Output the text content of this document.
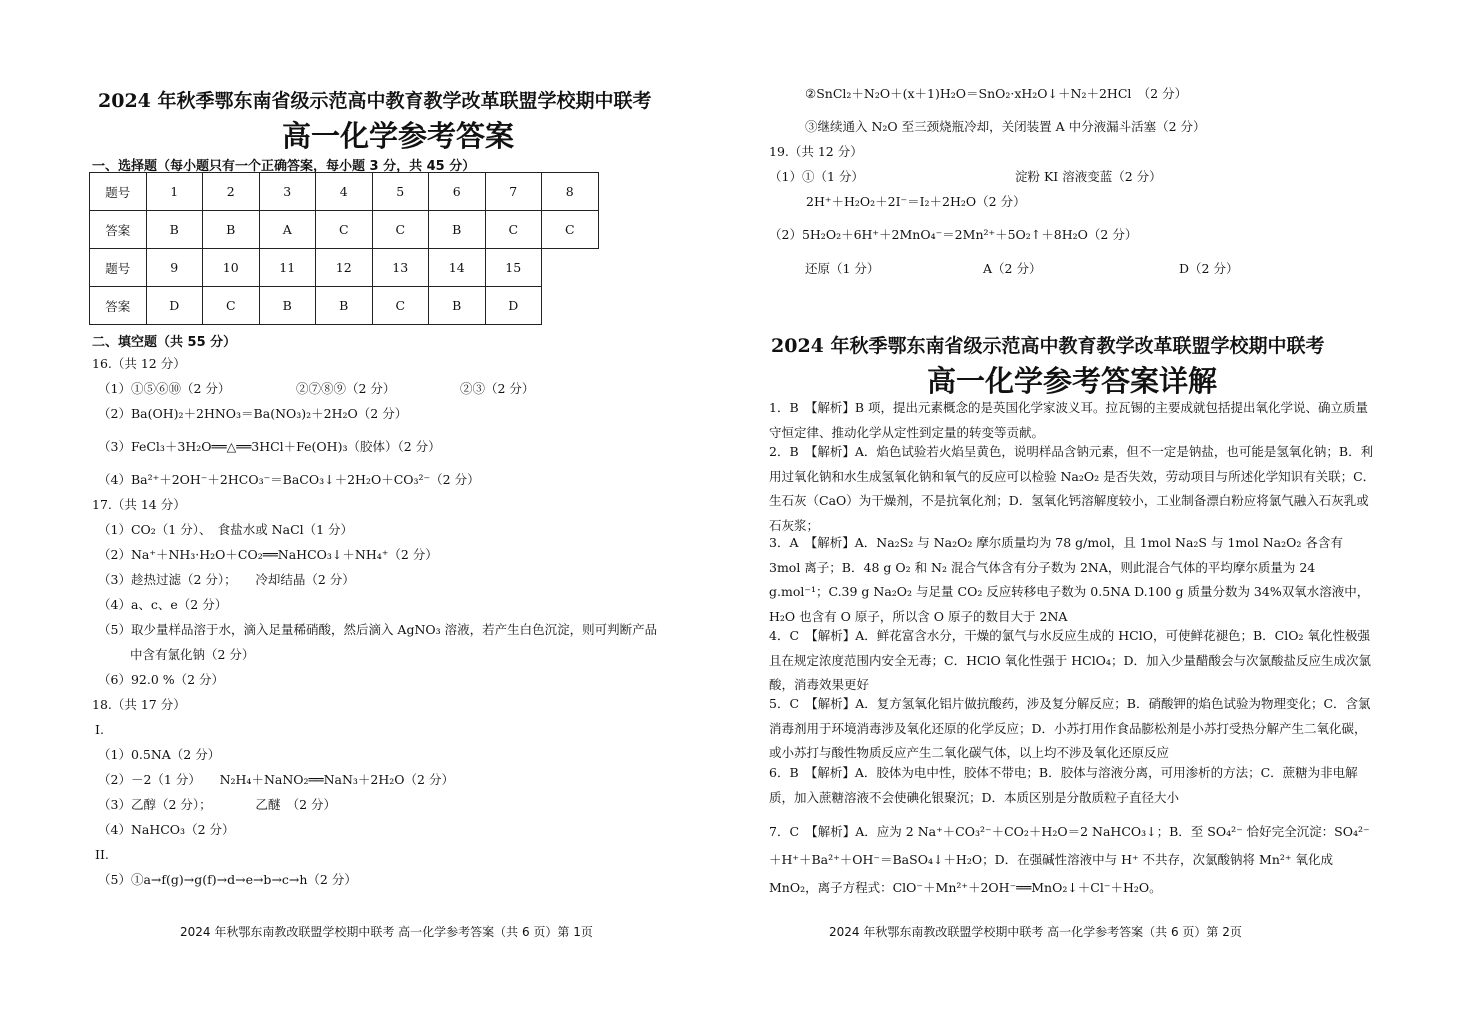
2024 年秋季鄂东南省级示范高中教育教学改革联盟学校期中联考
高一化学参考答案
一、选择题（每小题只有一个正确答案，每小题 3 分，共 45 分）
题号	1	2	3	4	5	6	7	8
答案	B	B	A	C	C	B	C	C
题号	9	10	11	12	13	14	15	
答案	D	C	B	B	C	B	D	
二、填空题（共 55 分）
16.（共 12 分）
（1）①⑤⑥⑩（2 分）	②⑦⑧⑨（2 分）	②③（2 分）
（2）Ba(OH)₂＋2HNO₃＝Ba(NO₃)₂＋2H₂O（2 分）
（3）FeCl₃＋3H₂O══△══3HCl＋Fe(OH)₃（胶体）（2 分）
（4）Ba²⁺＋2OH⁻＋2HCO₃⁻＝BaCO₃↓＋2H₂O＋CO₃²⁻（2 分）
17.（共 14 分）
（1）CO₂（1 分）、　食盐水或 NaCl（1 分）
（2）Na⁺＋NH₃·H₂O＋CO₂══NaHCO₃↓＋NH₄⁺（2 分）
（3）趁热过滤（2 分）；　　冷却结晶（2 分）
（4）a、c、e（2 分）
（5）取少量样品溶于水，滴入足量稀硝酸，然后滴入 AgNO₃ 溶液，若产生白色沉淀，则可判断产品
中含有氯化钠（2 分）
（6）92.0 %（2 分）
18.（共 17 分）
I.
（1）0.5NA（2 分）
（2）－2（1 分）　　N₂H₄＋NaNO₂══NaN₃＋2H₂O（2 分）
（3）乙醇（2 分）；　　　　乙醚　（2 分）
（4）NaHCO₃（2 分）
II.
（5）①a→f(g)→g(f)→d→e→b→c→h（2 分）
2024 年秋鄂东南教改联盟学校期中联考 高一化学参考答案（共 6 页）第 1页
②SnCl₂＋N₂O＋(x＋1)H₂O＝SnO₂·xH₂O↓＋N₂＋2HCl　（2 分）
③继续通入 N₂O 至三颈烧瓶冷却，关闭装置 A 中分液漏斗活塞（2 分）
19.（共 12 分）
（1）①（1 分）	淀粉 KI 溶液变蓝（2 分）
2H⁺＋H₂O₂＋2I⁻＝I₂＋2H₂O（2 分）
（2）5H₂O₂＋6H⁺＋2MnO₄⁻＝2Mn²⁺＋5O₂↑＋8H₂O（2 分）
还原（1 分）	A（2 分）	D（2 分）
2024 年秋季鄂东南省级示范高中教育教学改革联盟学校期中联考
高一化学参考答案详解
1．B　【解析】B 项，提出元素概念的是英国化学家波义耳。拉瓦锡的主要成就包括提出氧化学说、确立质量守恒定律、推动化学从定性到定量的转变等贡献。
2．B　【解析】A．焰色试验若火焰呈黄色，说明样品含钠元素，但不一定是钠盐，也可能是氢氧化钠；B．利用过氧化钠和水生成氢氧化钠和氧气的反应可以检验 Na₂O₂ 是否失效，劳动项目与所述化学知识有关联；C．生石灰（CaO）为干燥剂，不是抗氧化剂；D．氢氧化钙溶解度较小，工业制备漂白粉应将氯气融入石灰乳或石灰浆；
3．A　【解析】A．Na₂S₂ 与 Na₂O₂ 摩尔质量均为 78 g/mol，且 1mol Na₂S 与 1mol Na₂O₂ 各含有 3mol 离子；B．48 g O₂ 和 N₂ 混合气体含有分子数为 2NA，则此混合气体的平均摩尔质量为 24 g.mol⁻¹；C.39 g Na₂O₂ 与足量 CO₂ 反应转移电子数为 0.5NA D.100 g 质量分数为 34%双氧水溶液中，H₂O 也含有 O 原子，所以含 O 原子的数目大于 2NA
4．C　【解析】A．鲜花富含水分，干燥的氯气与水反应生成的 HClO，可使鲜花褪色；B．ClO₂ 氧化性极强且在规定浓度范围内安全无毒；C．HClO 氧化性强于 HClO₄；D．加入少量醋酸会与次氯酸盐反应生成次氯酸，消毒效果更好
5．C　【解析】A．复方氢氧化铝片做抗酸药，涉及复分解反应；B．硝酸钾的焰色试验为物理变化；C．含氯消毒剂用于环境消毒涉及氧化还原的化学反应；D．小苏打用作食品膨松剂是小苏打受热分解产生二氧化碳，或小苏打与酸性物质反应产生二氧化碳气体，以上均不涉及氧化还原反应
6．B　【解析】A．胶体为电中性，胶体不带电；B．胶体与溶液分离，可用渗析的方法；C．蔗糖为非电解质，加入蔗糖溶液不会使碘化银聚沉；D．本质区别是分散质粒子直径大小
7．C　【解析】A．应为 2 Na⁺＋CO₃²⁻＋CO₂＋H₂O＝2 NaHCO₃↓；B．至 SO₄²⁻ 恰好完全沉淀：SO₄²⁻＋H⁺＋Ba²⁺＋OH⁻＝BaSO₄↓＋H₂O；D．在强碱性溶液中与 H⁺ 不共存，次氯酸钠将 Mn²⁺ 氧化成 MnO₂，离子方程式：ClO⁻＋Mn²⁺＋2OH⁻══MnO₂↓＋Cl⁻＋H₂O。
2024 年秋鄂东南教改联盟学校期中联考 高一化学参考答案（共 6 页）第 2页
